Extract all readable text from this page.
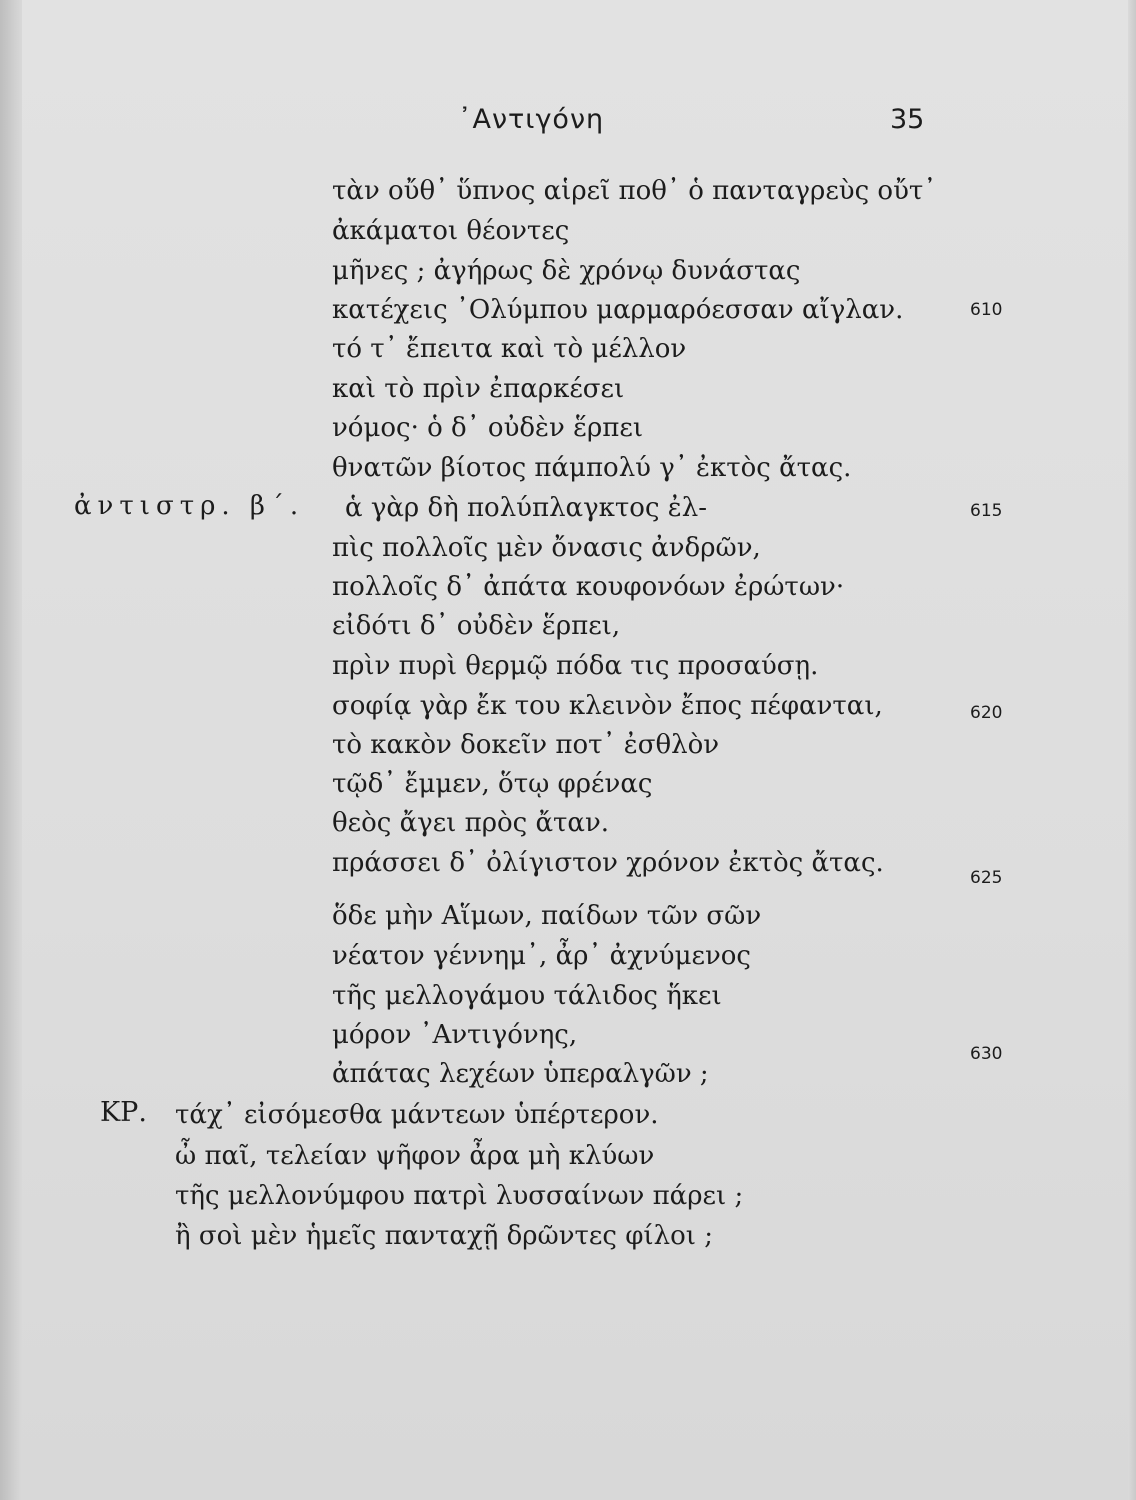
᾿Αντιγόνη	35
τὰν οὔθ᾿ ὕπνος αἱρεῖ ποθ᾿ ὁ πανταγρεὺς οὔτ᾿
ἀκάματοι θέοντες
μῆνες ; ἀγήρως δὲ χρόνῳ δυνάστας
κατέχεις ᾿Ολύμπου μαρμαρόεσσαν αἴγλαν.
τό τ᾿ ἔπειτα καὶ τὸ μέλλον
καὶ τὸ πρὶν ἐπαρκέσει
νόμος· ὁ δ᾿ οὐδὲν ἕρπει
θνατῶν βίοτος πάμπολύ γ᾿ ἐκτὸς ἄτας.
ἀντιστρ. β΄. ἁ γὰρ δὴ πολύπλαγκτος ἐλ-
πὶς πολλοῖς μὲν ὄνασις ἀνδρῶν,
πολλοῖς δ᾿ ἀπάτα κουφονόων ἐρώτων·
εἰδότι δ᾿ οὐδὲν ἕρπει,
πρὶν πυρὶ θερμῷ πόδα τις προσαύσῃ.
σοφίᾳ γὰρ ἔκ του κλεινὸν ἔπος πέφανται,
τὸ κακὸν δοκεῖν ποτ᾿ ἐσθλὸν
τῷδ᾿ ἔμμεν, ὅτῳ φρένας
θεὸς ἄγει πρὸς ἄταν.
πράσσει δ᾿ ὀλίγιστον χρόνον ἐκτὸς ἄτας.
ὅδε μὴν Αἵμων, παίδων τῶν σῶν
νέατον γέννημ᾿, ἆρ᾿ ἀχνύμενος
τῆς μελλογάμου τάλιδος ἥκει
μόρον ᾿Αντιγόνης,
ἀπάτας λεχέων ὑπεραλγῶν ;
610
615
620
625
630
ΚΡ. τάχ᾿ εἰσόμεσθα μάντεων ὑπέρτερον.
ὦ παῖ, τελείαν ψῆφον ἆρα μὴ κλύων
τῆς μελλονύμφου πατρὶ λυσσαίνων πάρει ;
ἢ σοὶ μὲν ἡμεῖς πανταχῇ δρῶντες φίλοι ;
